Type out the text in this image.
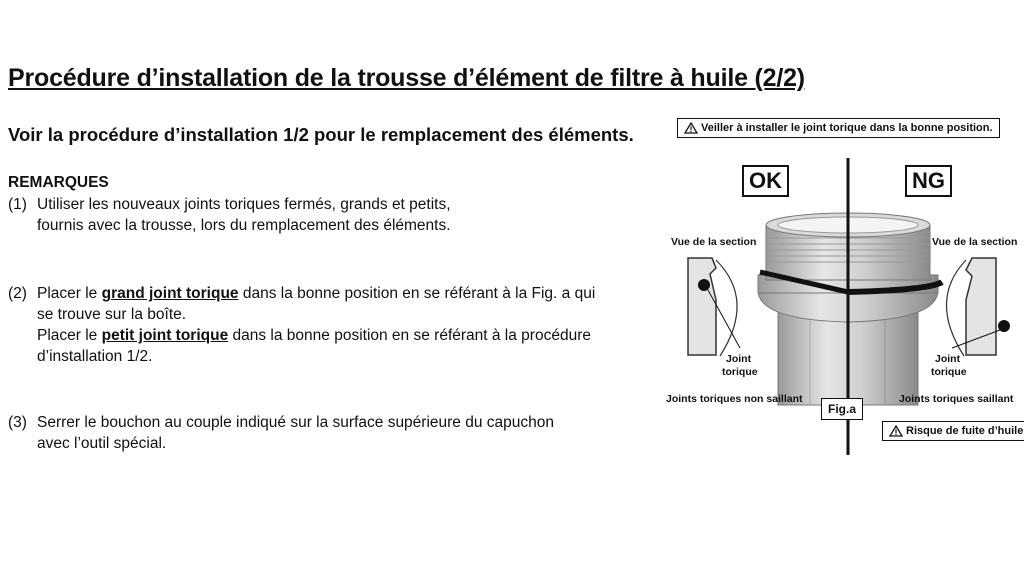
Procédure d’installation de la trousse d’élément de filtre à huile (2/2)
Voir la procédure d’installation 1/2 pour le remplacement des éléments.
REMARQUES
(1) Utiliser les nouveaux joints toriques fermés, grands et petits,
fournis avec la trousse, lors du remplacement des éléments.
(2) Placer le grand joint torique dans la bonne position en se référant à la Fig. a qui
se trouve sur la boîte.
Placer le petit joint torique dans la bonne position en se référant à la procédure
d’installation 1/2.
(3) Serrer le bouchon au couple indiqué sur la surface supérieure du capuchon
avec l’outil spécial.
Veiller à installer le joint torique dans la bonne position.
OK	NG
Vue de la section	Vue de la section
Joint
torique
Joint
torique
Joints toriques non saillant	Joints toriques saillant
Fig.a
Risque de fuite d’huile
